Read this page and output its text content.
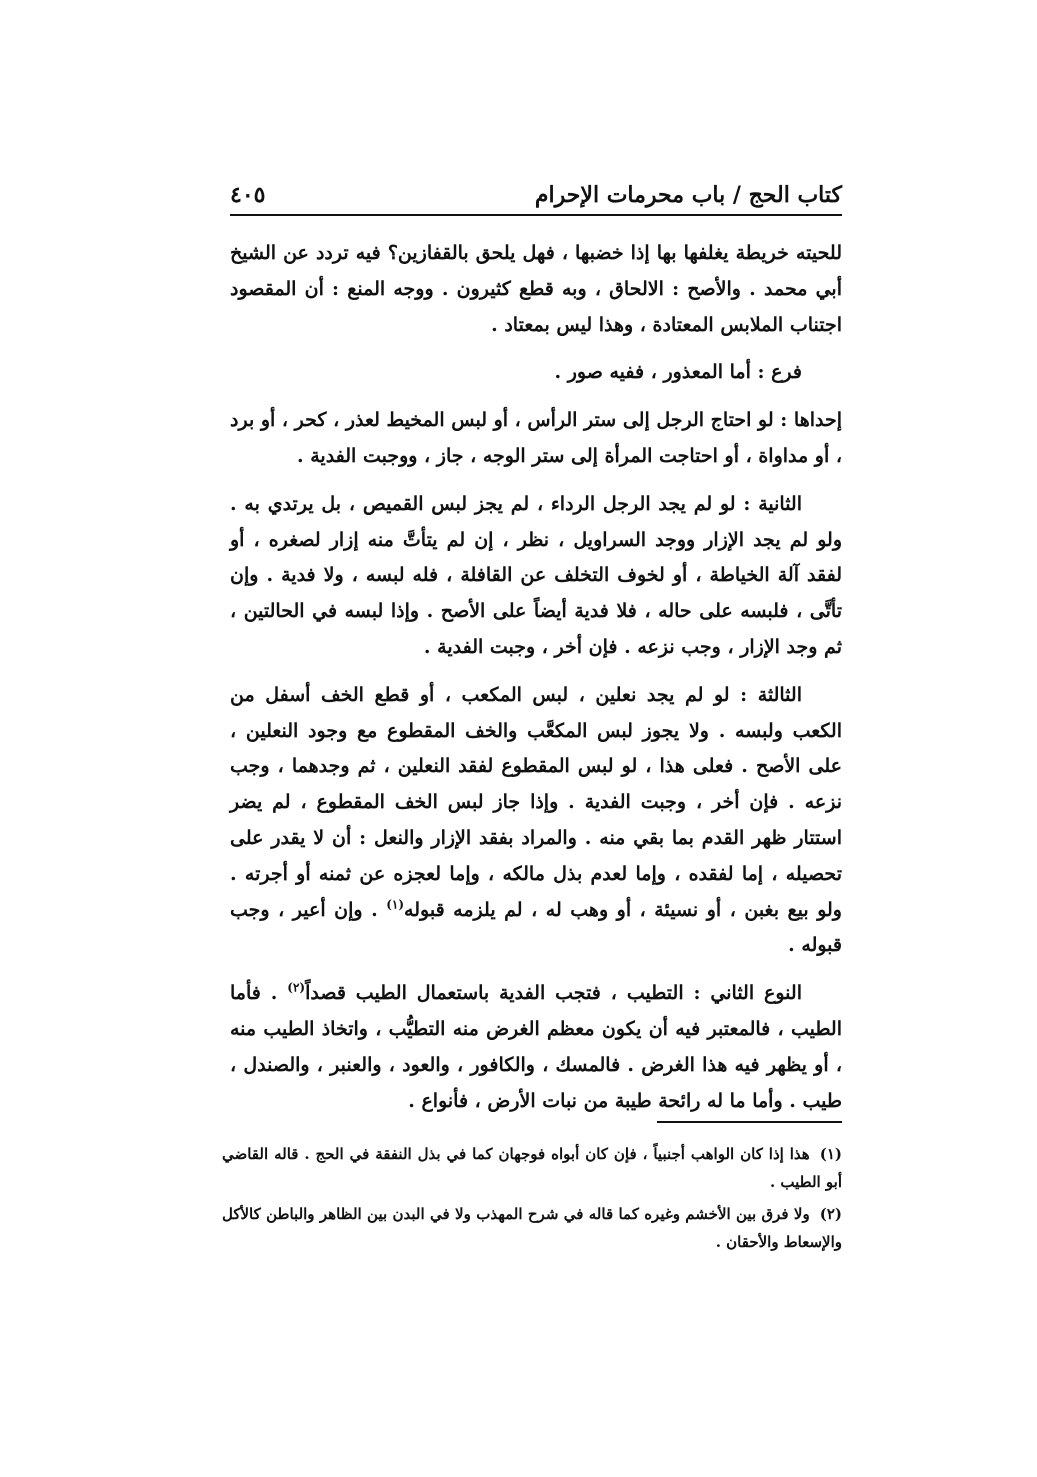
كتاب الحج / باب محرمات الإحرام
٤٠٥

للحيته خريطة يغلفها بها إذا خضبها ، فهل يلحق بالقفازين؟ فيه تردد عن الشيخ أبي محمد . والأصح : الالحاق ، وبه قطع كثيرون . ووجه المنع : أن المقصود اجتناب الملابس المعتادة ، وهذا ليس بمعتاد .

فرع : أما المعذور ، ففيه صور .

إحداها : لو احتاج الرجل إلى ستر الرأس ، أو لبس المخيط لعذر ، كحر ، أو برد ، أو مداواة ، أو احتاجت المرأة إلى ستر الوجه ، جاز ، ووجبت الفدية .

الثانية : لو لم يجد الرجل الرداء ، لم يجز لبس القميص ، بل يرتدي به . ولو لم يجد الإزار ووجد السراويل ، نظر ، إن لم يتأتَّ منه إزار لصغره ، أو لفقد آلة الخياطة ، أو لخوف التخلف عن القافلة ، فله لبسه ، ولا فدية . وإن تأتَّى ، فلبسه على حاله ، فلا فدية أيضاً على الأصح . وإذا لبسه في الحالتين ، ثم وجد الإزار ، وجب نزعه . فإن أخر ، وجبت الفدية .

الثالثة : لو لم يجد نعلين ، لبس المكعب ، أو قطع الخف أسفل من الكعب ولبسه . ولا يجوز لبس المكعَّب والخف المقطوع مع وجود النعلين ، على الأصح . فعلى هذا ، لو لبس المقطوع لفقد النعلين ، ثم وجدهما ، وجب نزعه . فإن أخر ، وجبت الفدية . وإذا جاز لبس الخف المقطوع ، لم يضر استتار ظهر القدم بما بقي منه . والمراد بفقد الإزار والنعل : أن لا يقدر على تحصيله ، إما لفقده ، وإما لعدم بذل مالكه ، وإما لعجزه عن ثمنه أو أجرته . ولو بيع بغبن ، أو نسيئة ، أو وهب له ، لم يلزمه قبوله$^{(١)}$ . وإن أعير ، وجب قبوله .

النوع الثاني : التطيب ، فتجب الفدية باستعمال الطيب قصداً$^{(٢)}$ . فأما الطيب ، فالمعتبر فيه أن يكون معظم الغرض منه التطيُّب ، واتخاذ الطيب منه ، أو يظهر فيه هذا الغرض . فالمسك ، والكافور ، والعود ، والعنبر ، والصندل ، طيب . وأما ما له رائحة طيبة من نبات الأرض ، فأنواع .

(١)هذا إذا كان الواهب أجنبياً ، فإن كان أبواه فوجهان كما في بذل النفقة في الحج . قاله القاضي أبو الطيب .

(٢)ولا فرق بين الأخشم وغيره كما قاله في شرح المهذب ولا في البدن بين الظاهر والباطن كالأكل والإسعاط والأحقان .
